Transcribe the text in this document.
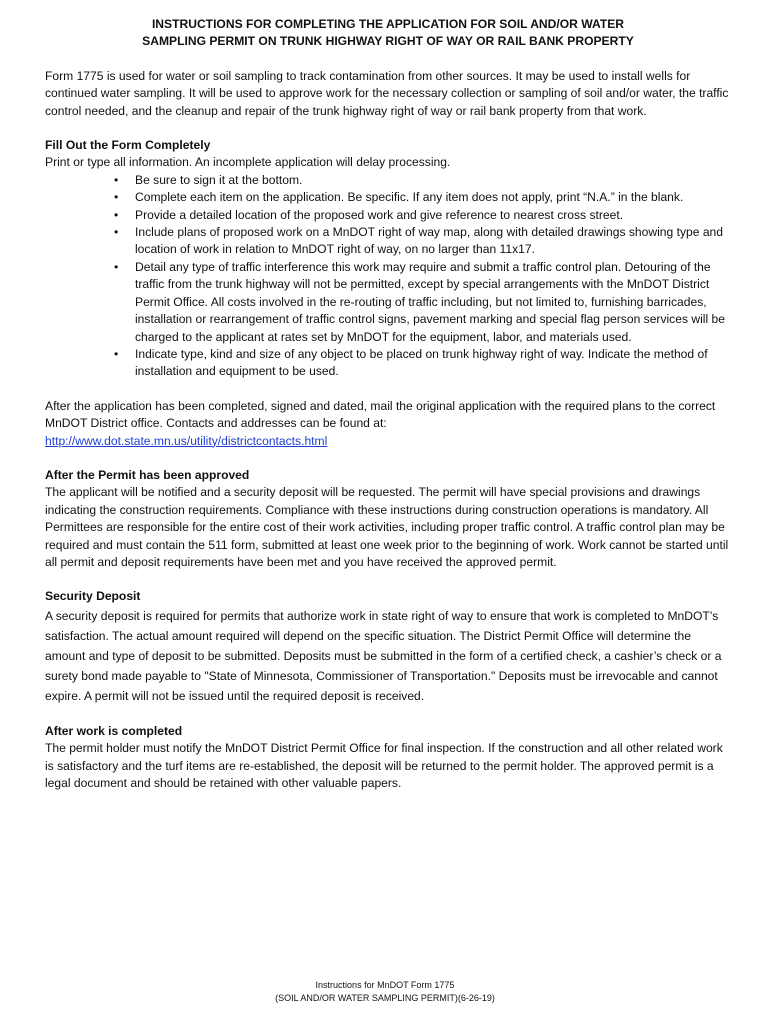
INSTRUCTIONS FOR COMPLETING THE APPLICATION FOR SOIL AND/OR WATER
SAMPLING PERMIT ON TRUNK HIGHWAY RIGHT OF WAY OR RAIL BANK PROPERTY

Form 1775 is used for water or soil sampling to track contamination from other sources. It may be used to install wells for continued water sampling. It will be used to approve work for the necessary collection or sampling of soil and/or water, the traffic control needed, and the cleanup and repair of the trunk highway right of way or rail bank property from that work.

Fill Out the Form Completely
Print or type all information. An incomplete application will delay processing.
• Be sure to sign it at the bottom.
• Complete each item on the application. Be specific. If any item does not apply, print “N.A.” in the blank.
• Provide a detailed location of the proposed work and give reference to nearest cross street.
• Include plans of proposed work on a MnDOT right of way map, along with detailed drawings showing type and location of work in relation to MnDOT right of way, on no larger than 11x17.
• Detail any type of traffic interference this work may require and submit a traffic control plan. Detouring of the traffic from the trunk highway will not be permitted, except by special arrangements with the MnDOT District Permit Office. All costs involved in the re-routing of traffic including, but not limited to, furnishing barricades, installation or rearrangement of traffic control signs, pavement marking and special flag person services will be charged to the applicant at rates set by MnDOT for the equipment, labor, and materials used.
• Indicate type, kind and size of any object to be placed on trunk highway right of way. Indicate the method of installation and equipment to be used.
After the application has been completed, signed and dated, mail the original application with the required plans to the correct MnDOT District office. Contacts and addresses can be found at:
http://www.dot.state.mn.us/utility/districtcontacts.html
After the Permit has been approved
The applicant will be notified and a security deposit will be requested. The permit will have special provisions and drawings indicating the construction requirements. Compliance with these instructions during construction operations is mandatory. All Permittees are responsible for the entire cost of their work activities, including proper traffic control. A traffic control plan may be required and must contain the 511 form, submitted at least one week prior to the beginning of work. Work cannot be started until all permit and deposit requirements have been met and you have received the approved permit.
Security Deposit
A security deposit is required for permits that authorize work in state right of way to ensure that work is completed to MnDOT’s satisfaction. The actual amount required will depend on the specific situation. The District Permit Office will determine the amount and type of deposit to be submitted. Deposits must be submitted in the form of a certified check, a cashier’s check or a surety bond made payable to "State of Minnesota, Commissioner of Transportation." Deposits must be irrevocable and cannot expire. A permit will not be issued until the required deposit is received.
After work is completed
The permit holder must notify the MnDOT District Permit Office for final inspection. If the construction and all other related work is satisfactory and the turf items are re-established, the deposit will be returned to the permit holder. The approved permit is a legal document and should be retained with other valuable papers.
Instructions for MnDOT Form 1775
(SOIL AND/OR WATER SAMPLING PERMIT)(6-26-19)
